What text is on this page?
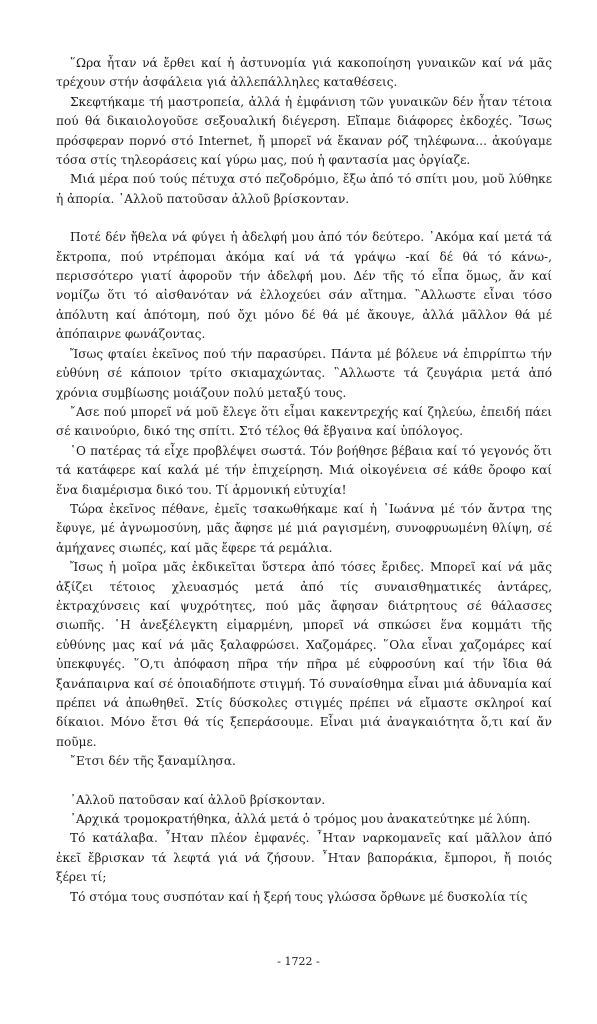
῞Ωρα ἦταν νά ἔρθει καί ἡ ἀστυνομία γιά κακοποίηση γυναικῶν καί νά μᾶς τρέχουν στήν ἀσφάλεια γιά ἀλλεπάλληλες καταθέσεις.

Σκεφτήκαμε τή μαστροπεία, ἀλλά ἡ ἐμφάνιση τῶν γυναικῶν δέν ἦταν τέτοια πού θά δικαιολογοῦσε σεξουαλική διέγερση. Εἴπαμε διάφορες ἐκδοχές. Ἴσως πρόσφεραν πορνό στό Internet, ἤ μπορεῖ νά ἔκαναν ρόζ τηλέφωνα... ἀκούγαμε τόσα στίς τηλεοράσεις καί γύρω μας, πού ἡ φαντασία μας ὀργίαζε.

Μιά μέρα πού τούς πέτυχα στό πεζοδρόμιο, ἔξω ἀπό τό σπίτι μου, μοῦ λύθηκε ἡ ἀπορία. ᾿Αλλοῦ πατοῦσαν ἀλλοῦ βρίσκονταν.

Ποτέ δέν ἤθελα νά φύγει ἡ ἀδελφή μου ἀπό τόν δεύτερο. ᾿Ακόμα καί μετά τά ἔκτροπα, πού ντρέπομαι ἀκόμα καί νά τά γράψω -καί δέ θά τό κάνω-, περισσότερο γιατί ἀφοροῦν τήν ἀδελφή μου. Δέν τῆς τό εἶπα ὅμως, ἄν καί νομίζω ὅτι τό αἰσθανόταν νά ἐλλοχεύει σάν αἴτημα. ῍Αλλωστε εἶναι τόσο ἀπόλυτη καί ἀπότομη, πού ὄχι μόνο δέ θά μέ ἄκουγε, ἀλλά μᾶλλον θά μέ ἀπόπαιρνε φωνάζοντας.

Ἴσως φταίει ἐκεῖνος πού τήν παρασύρει. Πάντα μέ βόλευε νά ἐπιρρίπτω τήν εὐθύνη σέ κάποιον τρίτο σκιαμαχώντας. ῍Αλλωστε τά ζευγάρια μετά ἀπό χρόνια συμβίωσης μοιάζουν πολύ μεταξύ τους.

῎Ασε πού μπορεῖ νά μοῦ ἔλεγε ὅτι εἶμαι κακεντρεχής καί ζηλεύω, ἐπειδή πάει σέ καινούριο, δικό της σπίτι. Στό τέλος θά ἔβγαινα καί ὑπόλογος.

῾Ο πατέρας τά εἶχε προβλέψει σωστά. Τόν βοήθησε βέβαια καί τό γεγονός ὅτι τά κατάφερε καί καλά μέ τήν ἐπιχείρηση. Μιά οἰκογένεια σέ κάθε ὄροφο καί ἕνα διαμέρισμα δικό του. Τί ἁρμονική εὐτυχία!

Τώρα ἐκεῖνος πέθανε, ἐμεῖς τσακωθήκαμε καί ἡ ᾿Ιωάννα μέ τόν ἄντρα της ἔφυγε, μέ ἀγνωμοσύνη, μᾶς ἄφησε μέ μιά ραγισμένη, συνοφρυωμένη θλίψη, σέ ἀμήχανες σιωπές, καί μᾶς ἔφερε τά ρεμάλια.

Ἴσως ἡ μοῖρα μᾶς ἐκδικεῖται ὕστερα ἀπό τόσες ἔριδες. Μπορεῖ καί νά μᾶς ἀξίζει τέτοιος χλευασμός μετά ἀπό τίς συναισθηματικές ἀντάρες, ἐκτραχύνσεις καί ψυχρότητες, πού μᾶς ἄφησαν διάτρητους σέ θάλασσες σιωπῆς. ῾Η ἀνεξέλεγκτη εἱμαρμένη, μπορεῖ νά σπκώσει ἕνα κομμάτι τῆς εὐθύνης μας καί νά μᾶς ξαλαφρώσει. Χαζομάρες. ῞Ολα εἶναι χαζομάρες καί ὑπεκφυγές. ῞Ο,τι ἀπόφαση πῆρα τήν πῆρα μέ εὐφροσύνη καί τήν ἴδια θά ξανάπαιρνα καί σέ ὁποιαδήποτε στιγμή. Τό συναίσθημα εἶναι μιά ἀδυναμία καί πρέπει νά ἀπωθηθεῖ. Στίς δύσκολες στιγμές πρέπει νά εἴμαστε σκληροί καί δίκαιοι. Μόνο ἔτσι θά τίς ξεπεράσουμε. Εἶναι μιά ἀναγκαιότητα ὅ,τι καί ἄν ποῦμε.

῎Ετσι δέν τῆς ξαναμίλησα.

᾿Αλλοῦ πατοῦσαν καί ἀλλοῦ βρίσκονταν.

᾿Αρχικά τρομοκρατήθηκα, ἀλλά μετά ὁ τρόμος μου ἀνακατεύτηκε μέ λύπη.

Τό κατάλαβα. ῏Ηταν πλέον ἐμφανές. ῏Ηταν ναρκομανεῖς καί μᾶλλον ἀπό ἐκεῖ ἔβρισκαν τά λεφτά γιά νά ζήσουν. ῏Ηταν βαποράκια, ἔμποροι, ἤ ποιός ξέρει τί;

Τό στόμα τους συσπόταν καί ἡ ξερή τους γλώσσα ὄρθωνε μέ δυσκολία τίς

- 1722 -
